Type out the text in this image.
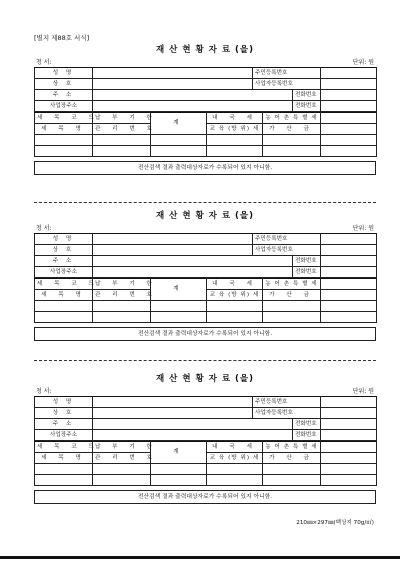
[별지 제88호 서식]
재 산 현 황 자 료 (을)
청 서:	단위: 원
성 명		주민등록번호		
상 호		사업자등록번호		
주 소			전화번호	
사업장주소			전화번호	
세 목 코 드	납 부 기 한	계	내 국 세	농 어 촌 특 별 세	
세 목 명	관 리 번 호		교 육 (방 위) 세	가 산 금	

전산검색 결과 출력대상자료가 수록되어 있지 아니함.
재 산 현 황 자 료 (을)
청 서:	단위: 원
성 명		주민등록번호		
상 호		사업자등록번호		
주 소			전화번호	
사업장주소			전화번호	
세 목 코 드	납 부 기 한	계	내 국 세	농 어 촌 특 별 세	
세 목 명	관 리 번 호		교 육 (방 위) 세	가 산 금	

전산검색 결과 출력대상자료가 수록되어 있지 아니함.
재 산 현 황 자 료 (을)
청 서:	단위: 원
성 명		주민등록번호		
상 호		사업자등록번호		
주 소			전화번호	
사업장주소			전화번호	
세 목 코 드	납 부 기 한	계	내 국 세	농 어 촌 특 별 세	
세 목 명	관 리 번 호		교 육 (방 위) 세	가 산 금	

전산검색 결과 출력대상자료가 수록되어 있지 아니함.
210㎜×297㎜(백상지 70g/㎡)
